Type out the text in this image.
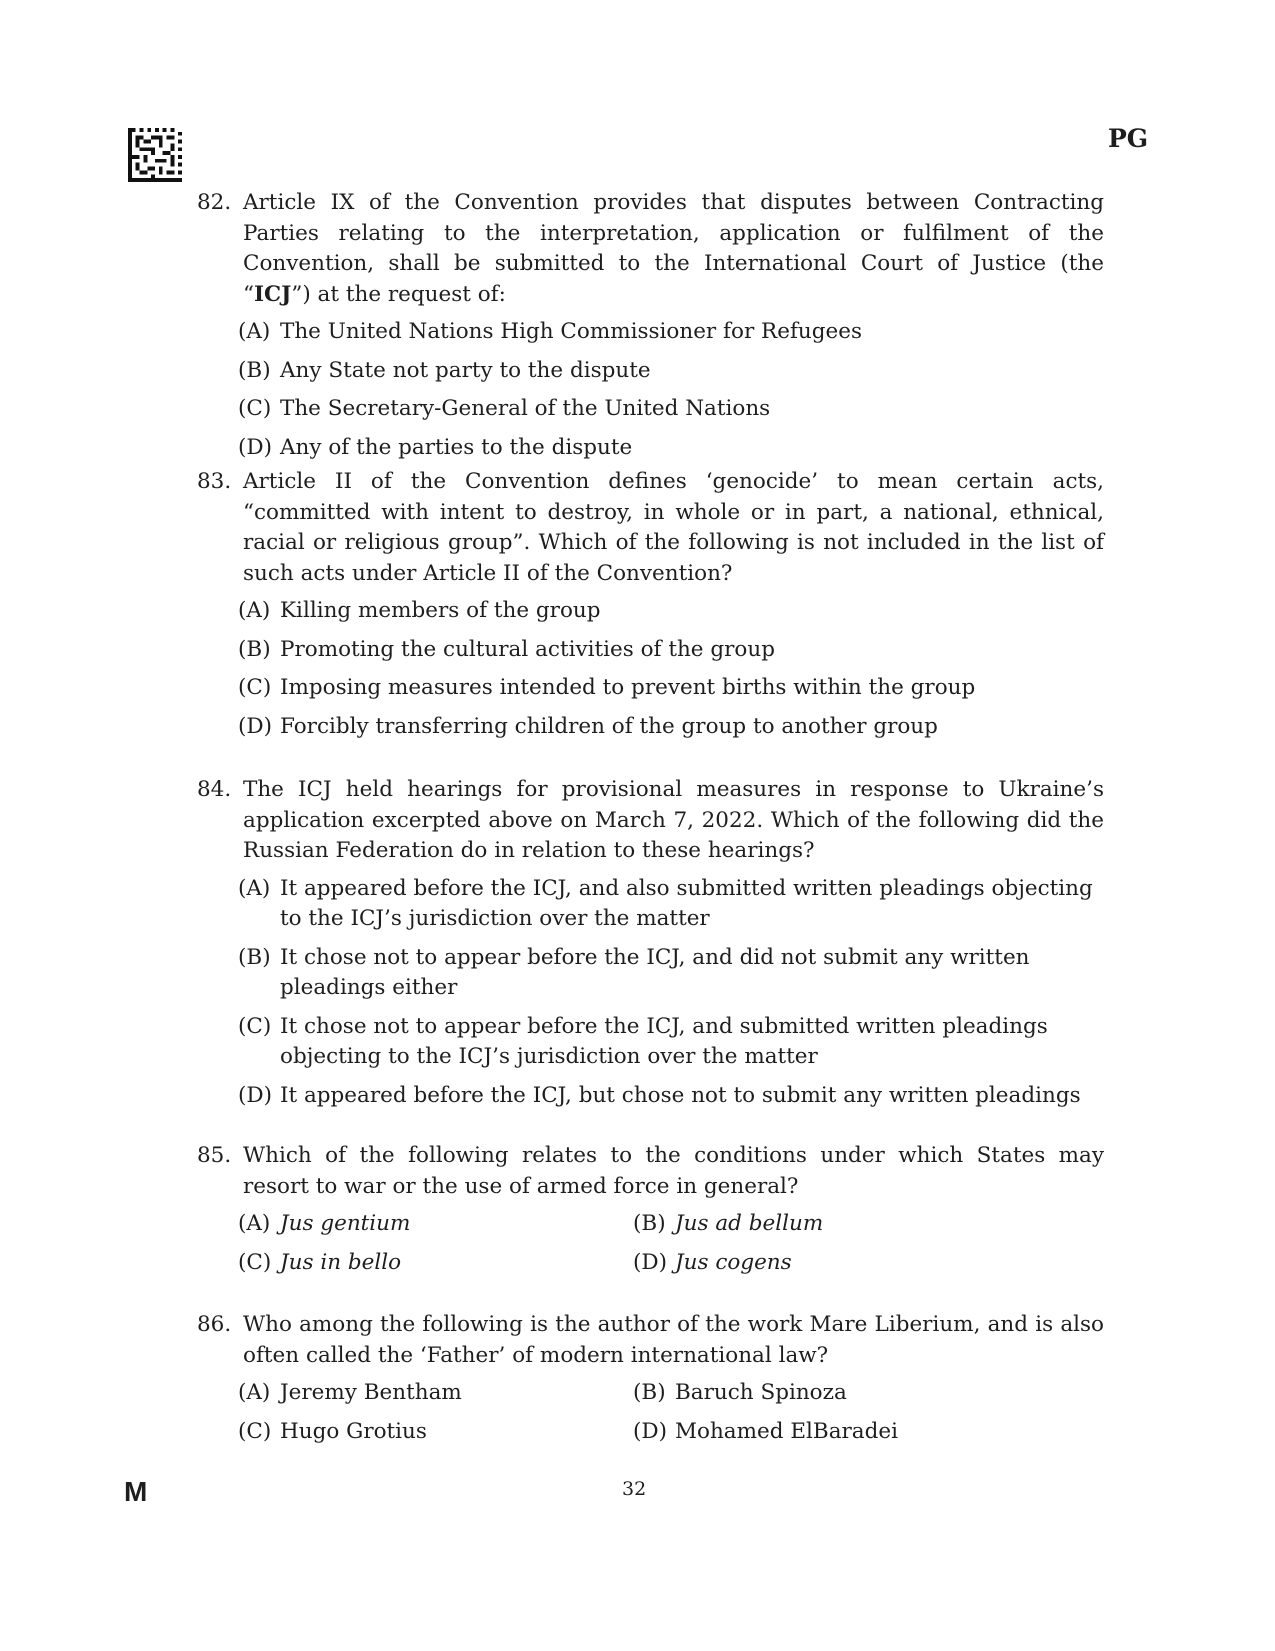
PG
82. Article IX of the Convention provides that disputes between Contracting Parties relating to the interpretation, application or fulfilment of the Convention, shall be submitted to the International Court of Justice (the “ICJ”) at the request of:
(A) The United Nations High Commissioner for Refugees
(B) Any State not party to the dispute
(C) The Secretary-General of the United Nations
(D) Any of the parties to the dispute
83. Article II of the Convention defines ‘genocide’ to mean certain acts, “committed with intent to destroy, in whole or in part, a national, ethnical, racial or religious group”. Which of the following is not included in the list of such acts under Article II of the Convention?
(A) Killing members of the group
(B) Promoting the cultural activities of the group
(C) Imposing measures intended to prevent births within the group
(D) Forcibly transferring children of the group to another group
84. The ICJ held hearings for provisional measures in response to Ukraine’s application excerpted above on March 7, 2022. Which of the following did the Russian Federation do in relation to these hearings?
(A) It appeared before the ICJ, and also submitted written pleadings objecting to the ICJ’s jurisdiction over the matter
(B) It chose not to appear before the ICJ, and did not submit any written pleadings either
(C) It chose not to appear before the ICJ, and submitted written pleadings objecting to the ICJ’s jurisdiction over the matter
(D) It appeared before the ICJ, but chose not to submit any written pleadings
85. Which of the following relates to the conditions under which States may resort to war or the use of armed force in general?
(A) Jus gentium	(B) Jus ad bellum
(C) Jus in bello	(D) Jus cogens
86. Who among the following is the author of the work Mare Liberium, and is also often called the ‘Father’ of modern international law?
(A) Jeremy Bentham	(B) Baruch Spinoza
(C) Hugo Grotius	(D) Mohamed ElBaradei
M	32
